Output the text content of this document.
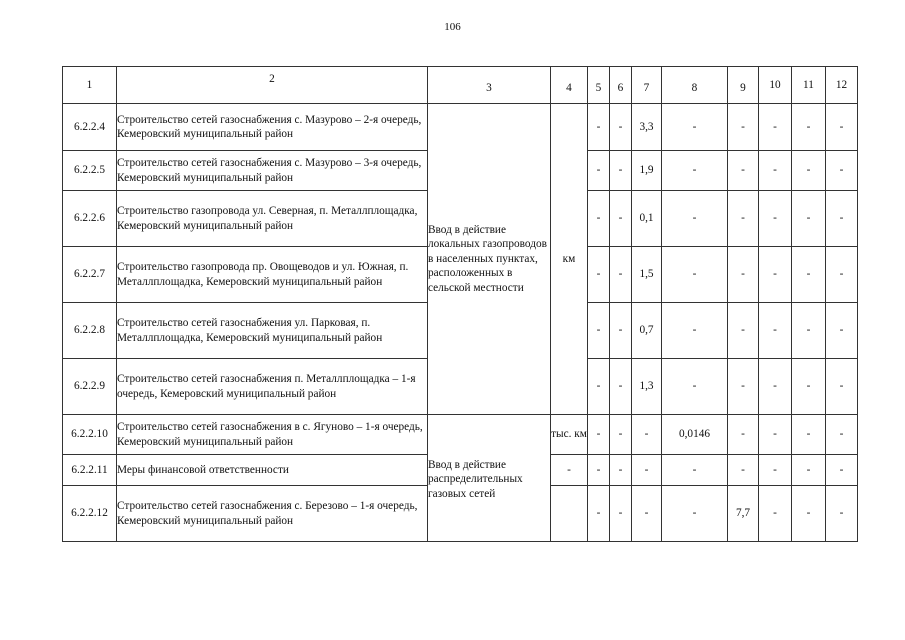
106
1	2	3	4	5	6	7	8	9	10	11	12
6.2.2.4	Строительство сетей газоснабжения с. Мазурово – 2-я очередь, Кемеровский муниципальный район	Ввод в действие локальных газопроводов в населенных пунктах, расположенных в сельской местности	км	-	-	3,3	-	-	-	-	-
6.2.2.5	Строительство сетей газоснабжения с. Мазурово – 3-я очередь, Кемеровский муниципальный район			-	-	1,9	-	-	-	-	-
6.2.2.6	Строительство газопровода ул. Северная, п. Металлплощадка, Кемеровский муниципальный район			-	-	0,1	-	-	-	-	-
6.2.2.7	Строительство газопровода пр. Овощеводов и ул. Южная, п. Металлплощадка, Кемеровский муниципальный район			-	-	1,5	-	-	-	-	-
6.2.2.8	Строительство сетей газоснабжения ул. Парковая, п. Металлплощадка, Кемеровский муниципальный район			-	-	0,7	-	-	-	-	-
6.2.2.9	Строительство сетей газоснабжения п. Металлплощадка – 1-я очередь, Кемеровский муниципальный район			-	-	1,3	-	-	-	-	-
6.2.2.10	Строительство сетей газоснабжения в с. Ягуново – 1-я очередь, Кемеровский муниципальный район	Ввод в действие распределительных газовых сетей	тыс. км	-	-	-	0,0146	-	-	-	-
6.2.2.11	Меры финансовой ответственности		-	-	-	-	-	-	-	-	-
6.2.2.12	Строительство сетей газоснабжения с. Березово – 1-я очередь, Кемеровский муниципальный район			-	-	-	-	7,7	-	-	-
